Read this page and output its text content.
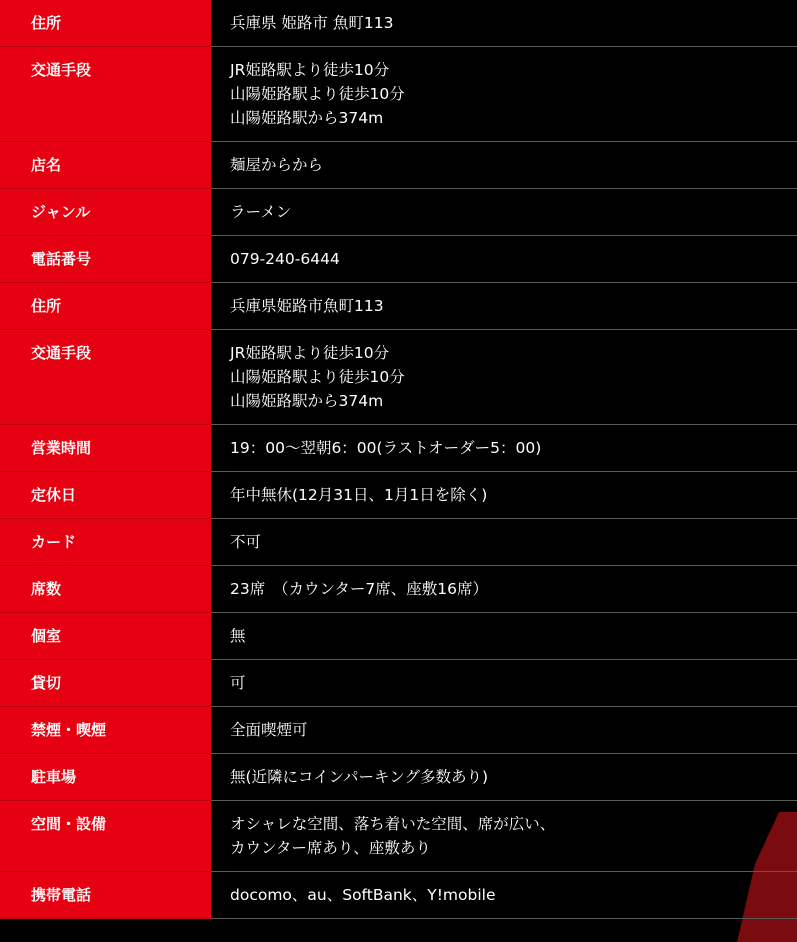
住所	兵庫県 姫路市 魚町113

交通手段	JR姫路駅より徒歩10分
山陽姫路駅より徒歩10分
山陽姫路駅から374m

店名	麺屋からから

ジャンル	ラーメン

電話番号	079-240-6444

住所	兵庫県姫路市魚町113

交通手段	JR姫路駅より徒歩10分
山陽姫路駅より徒歩10分
山陽姫路駅から374m

営業時間	19：00～翌朝6：00(ラストオーダー5：00)

定休日	年中無休(12月31日、1月1日を除く)

カード	不可

席数	23席　（カウンター7席、座敷16席）

個室	無

貸切	可

禁煙・喫煙	全面喫煙可

駐車場	無(近隣にコインパーキング多数あり)

空間・設備	オシャレな空間、落ち着いた空間、席が広い、
カウンター席あり、座敷あり

携帯電話	docomo、au、SoftBank、Y!mobile
